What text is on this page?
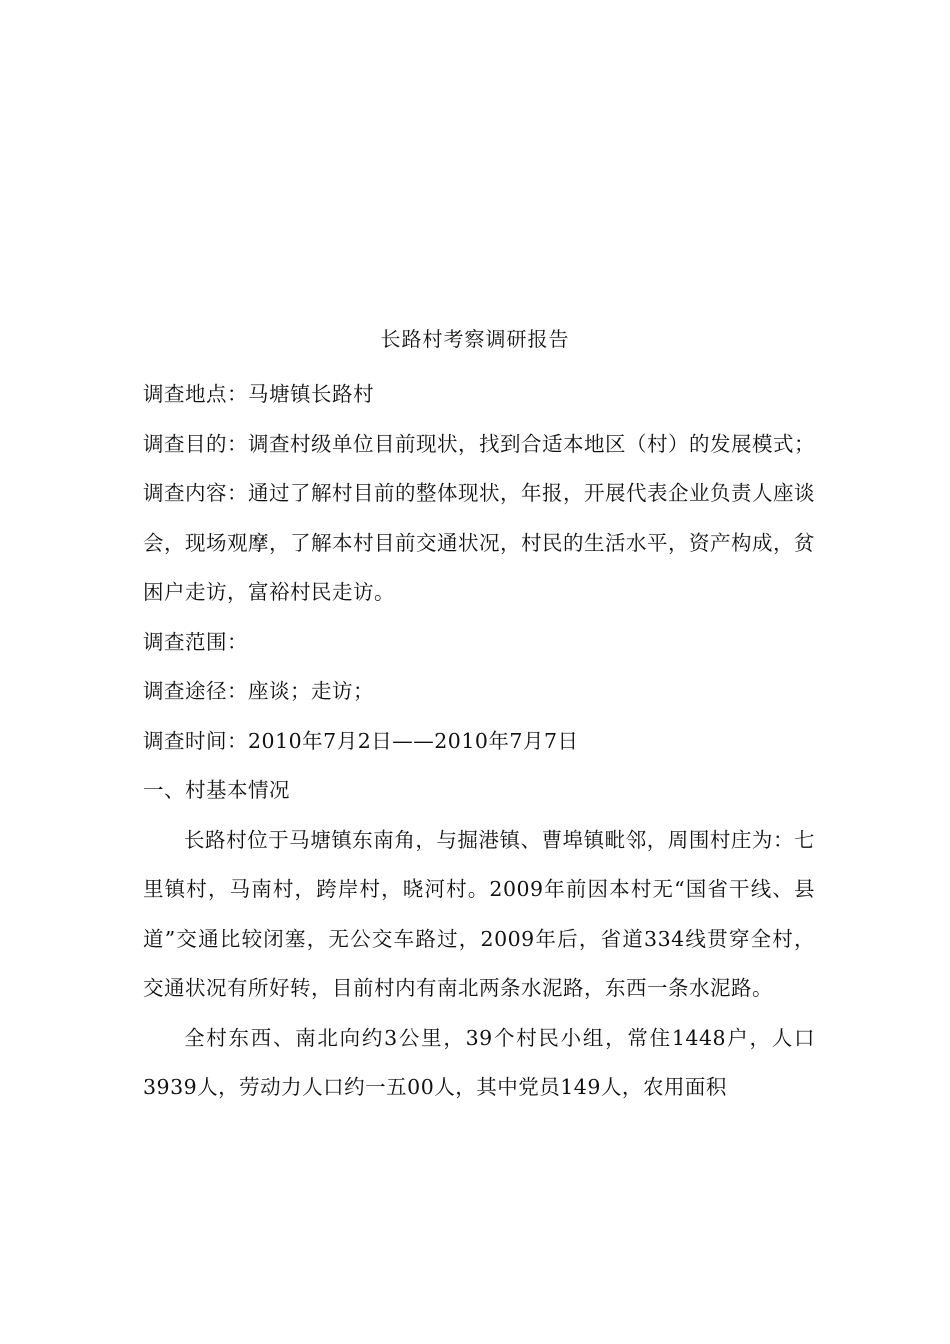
长路村考察调研报告

调查地点：马塘镇长路村

调查目的：调查村级单位目前现状，找到合适本地区（村）的发展模式；

调查内容：通过了解村目前的整体现状，年报，开展代表企业负责人座谈会，现场观摩，了解本村目前交通状况，村民的生活水平，资产构成，贫困户走访，富裕村民走访。

调查范围：

调查途径：座谈；走访；

调查时间：2010年7月2日——2010年7月7日

一、村基本情况

长路村位于马塘镇东南角，与掘港镇、曹埠镇毗邻，周围村庄为：七里镇村，马南村，跨岸村，晓河村。2009年前因本村无“国省干线、县道”交通比较闭塞，无公交车路过，2009年后，省道334线贯穿全村，交通状况有所好转，目前村内有南北两条水泥路，东西一条水泥路。

全村东西、南北向约3公里，39个村民小组，常住1448户，人口3939人，劳动力人口约一五00人，其中党员149人，农用面积
